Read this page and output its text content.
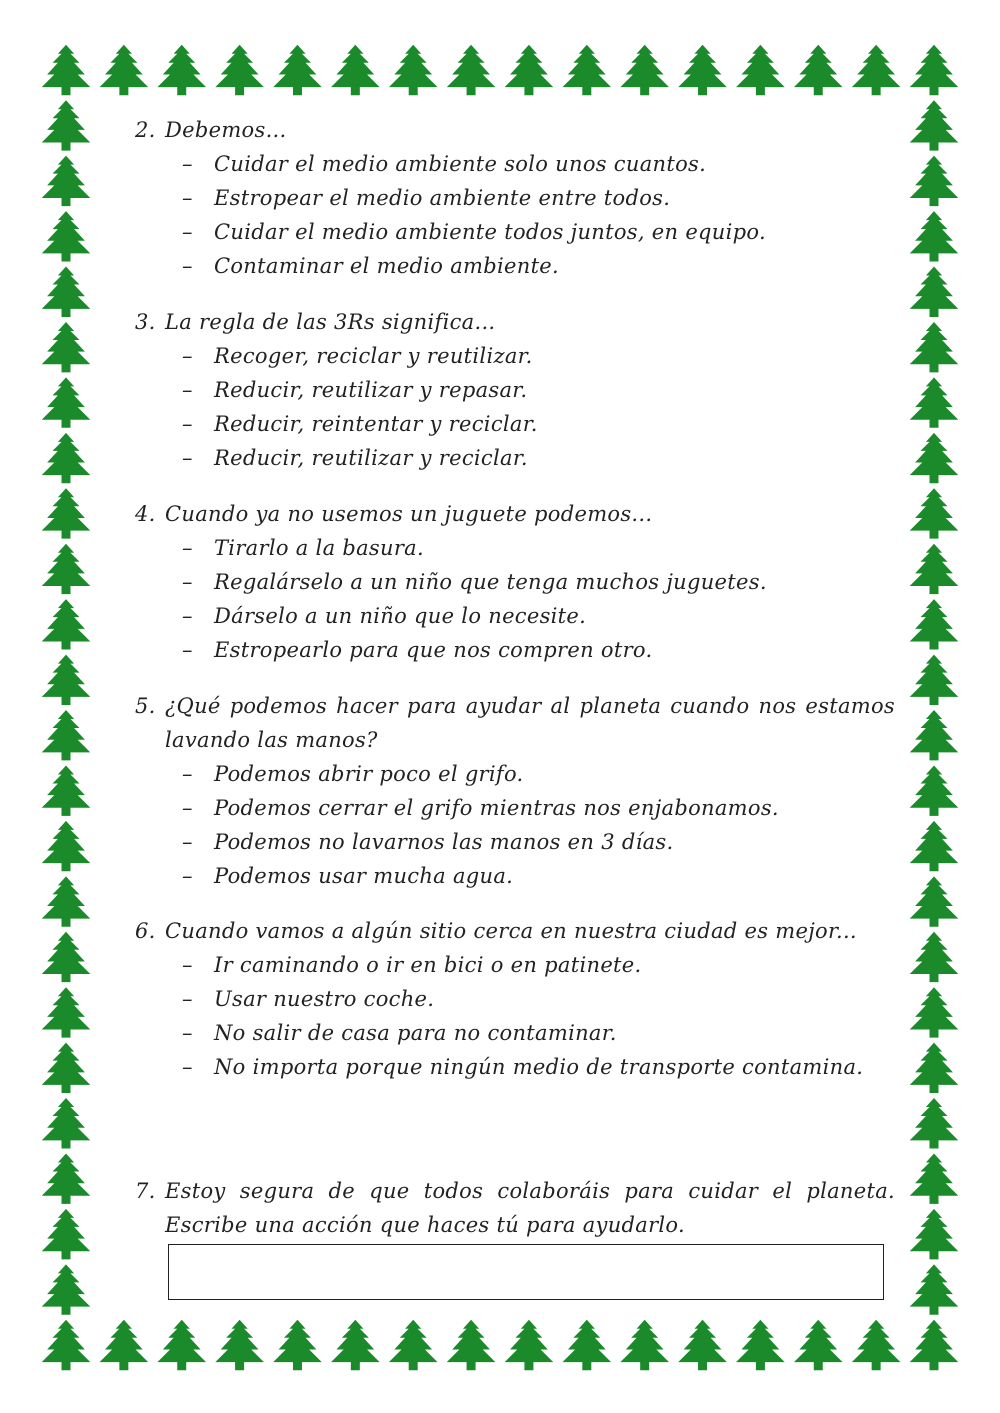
2. Debemos...
–	Cuidar el medio ambiente solo unos cuantos.
–	Estropear el medio ambiente entre todos.
–	Cuidar el medio ambiente todos juntos, en equipo.
–	Contaminar el medio ambiente.
3. La regla de las 3Rs significa...
–	Recoger, reciclar y reutilizar.
–	Reducir, reutilizar y repasar.
–	Reducir, reintentar y reciclar.
–	Reducir, reutilizar y reciclar.
4. Cuando ya no usemos un juguete podemos...
–	Tirarlo a la basura.
–	Regalárselo a un niño que tenga muchos juguetes.
–	Dárselo a un niño que lo necesite.
–	Estropearlo para que nos compren otro.
5. ¿Qué podemos hacer para ayudar al planeta cuando nos estamos lavando las manos?
–	Podemos abrir poco el grifo.
–	Podemos cerrar el grifo mientras nos enjabonamos.
–	Podemos no lavarnos las manos en 3 días.
–	Podemos usar mucha agua.
6. Cuando vamos a algún sitio cerca en nuestra ciudad es mejor...
–	Ir caminando o ir en bici o en patinete.
–	Usar nuestro coche.
–	No salir de casa para no contaminar.
–	No importa porque ningún medio de transporte contamina.
7. Estoy segura de que todos colaboráis para cuidar el planeta. Escribe una acción que haces tú para ayudarlo.
